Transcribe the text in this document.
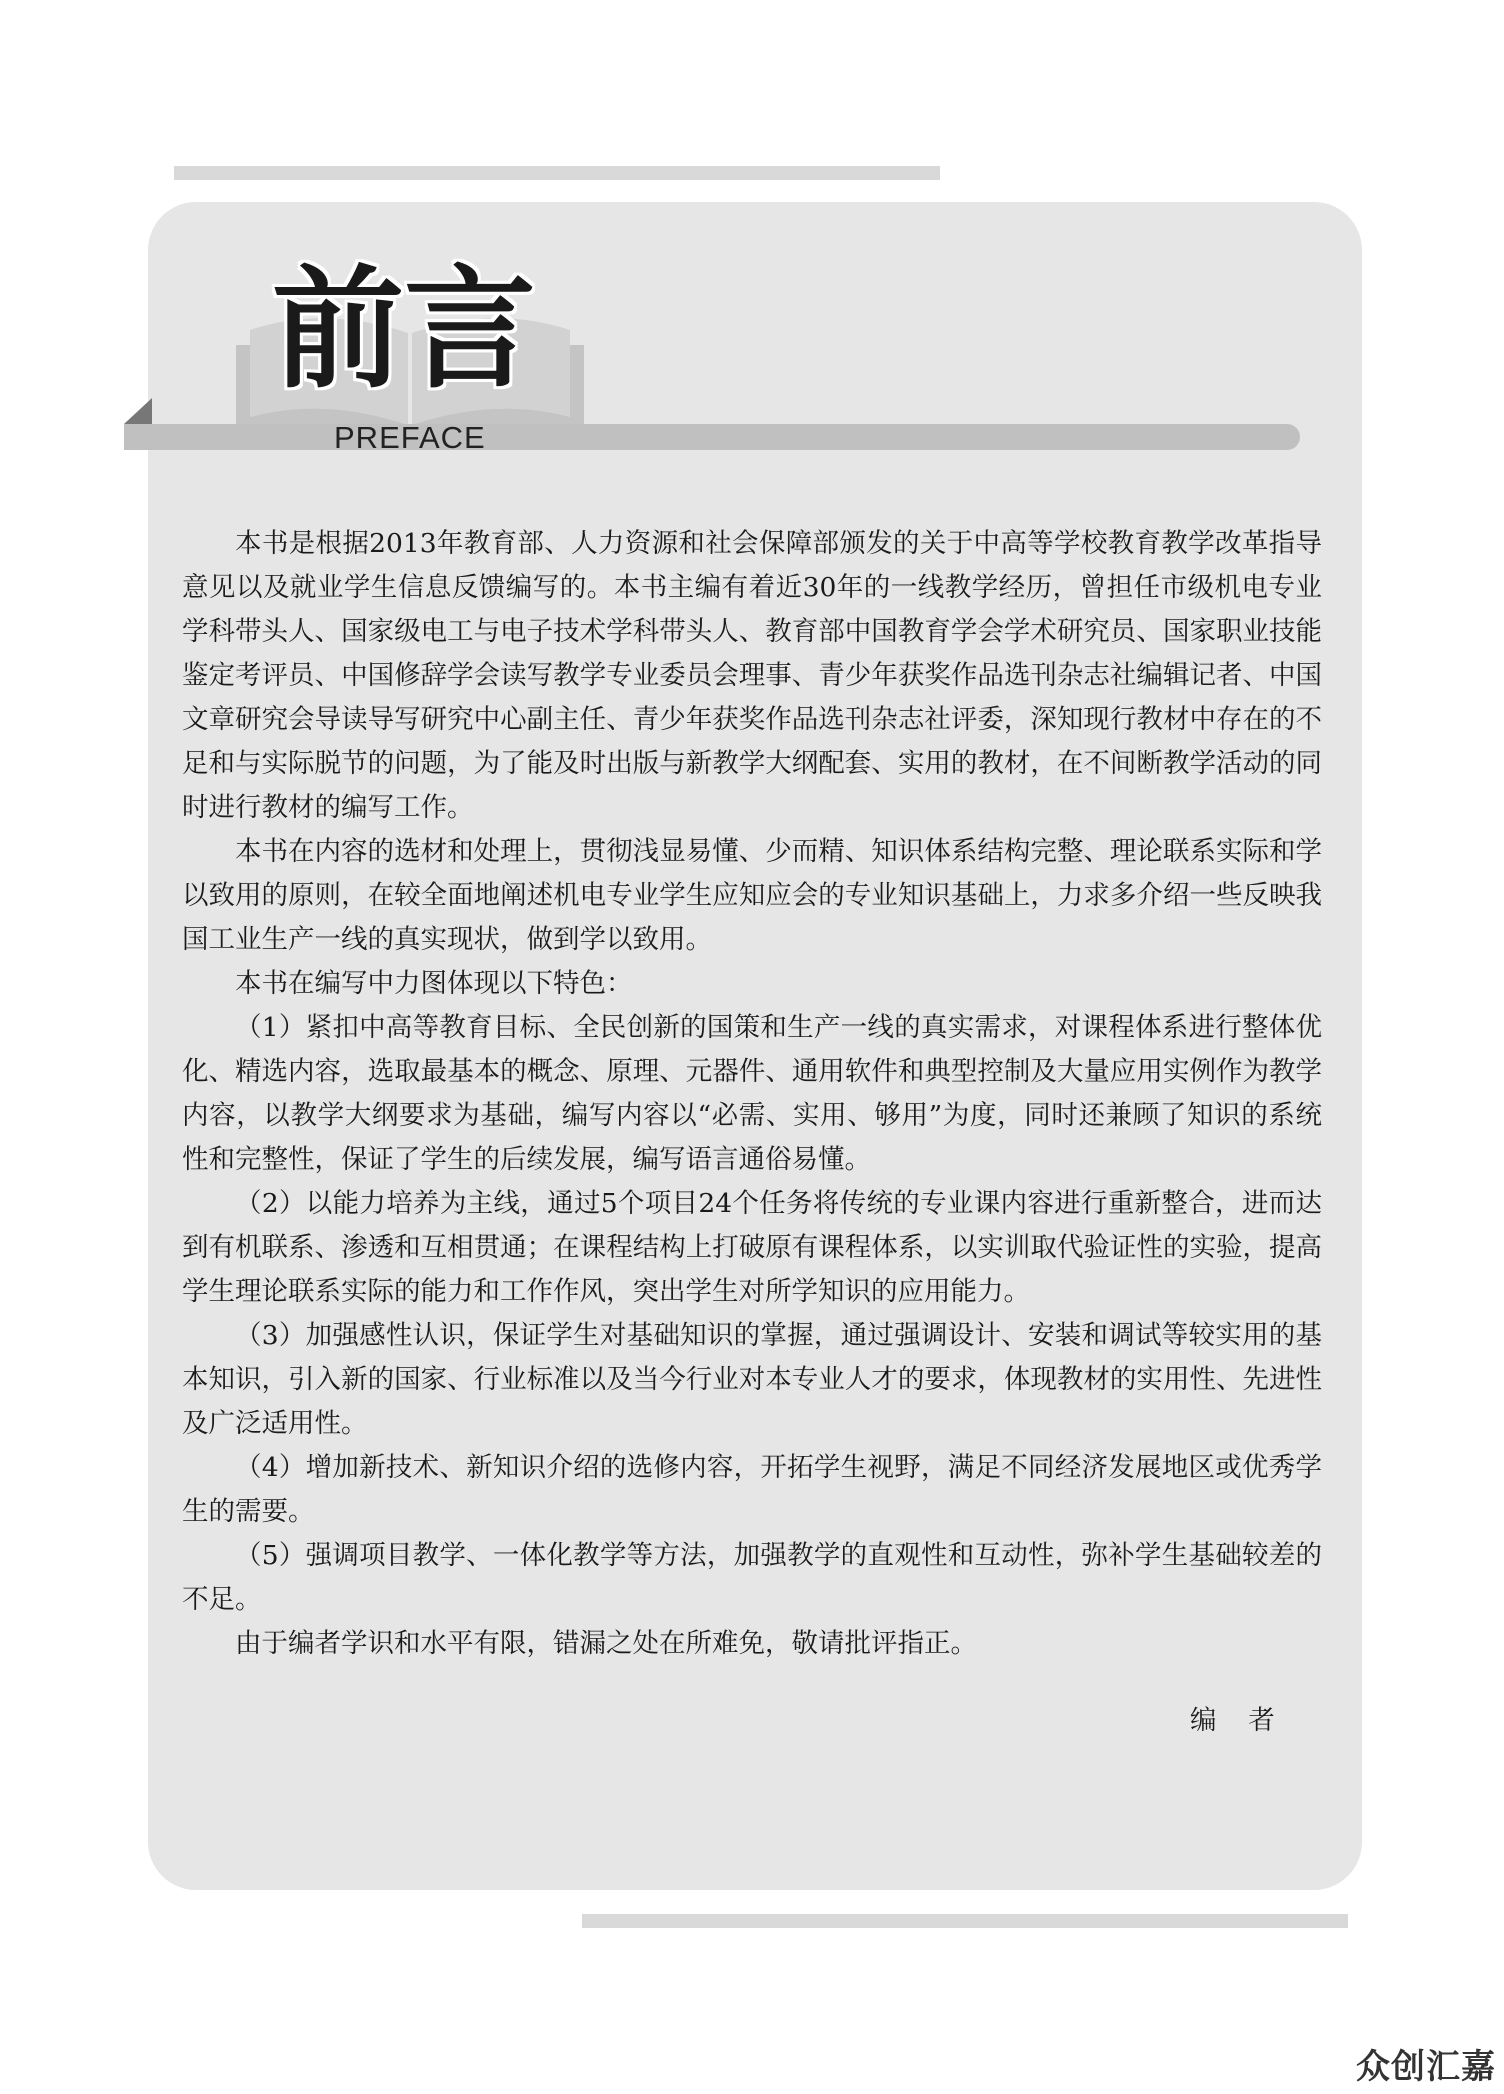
前 言
PREFACE

本书是根据2013年教育部、人力资源和社会保障部颁发的关于中高等学校教育教学改革指导意见以及就业学生信息反馈编写的。本书主编有着近30年的一线教学经历，曾担任市级机电专业学科带头人、国家级电工与电子技术学科带头人、教育部中国教育学会学术研究员、国家职业技能鉴定考评员、中国修辞学会读写教学专业委员会理事、青少年获奖作品选刊杂志社编辑记者、中国文章研究会导读导写研究中心副主任、青少年获奖作品选刊杂志社评委，深知现行教材中存在的不足和与实际脱节的问题，为了能及时出版与新教学大纲配套、实用的教材，在不间断教学活动的同时进行教材的编写工作。

本书在内容的选材和处理上，贯彻浅显易懂、少而精、知识体系结构完整、理论联系实际和学以致用的原则，在较全面地阐述机电专业学生应知应会的专业知识基础上，力求多介绍一些反映我国工业生产一线的真实现状，做到学以致用。

本书在编写中力图体现以下特色：

（1）紧扣中高等教育目标、全民创新的国策和生产一线的真实需求，对课程体系进行整体优化、精选内容，选取最基本的概念、原理、元器件、通用软件和典型控制及大量应用实例作为教学内容，以教学大纲要求为基础，编写内容以“必需、实用、够用”为度，同时还兼顾了知识的系统性和完整性，保证了学生的后续发展，编写语言通俗易懂。

（2）以能力培养为主线，通过5个项目24个任务将传统的专业课内容进行重新整合，进而达到有机联系、渗透和互相贯通；在课程结构上打破原有课程体系，以实训取代验证性的实验，提高学生理论联系实际的能力和工作作风，突出学生对所学知识的应用能力。

（3）加强感性认识，保证学生对基础知识的掌握，通过强调设计、安装和调试等较实用的基本知识，引入新的国家、行业标准以及当今行业对本专业人才的要求，体现教材的实用性、先进性及广泛适用性。

（4）增加新技术、新知识介绍的选修内容，开拓学生视野，满足不同经济发展地区或优秀学生的需要。

（5）强调项目教学、一体化教学等方法，加强教学的直观性和互动性，弥补学生基础较差的不足。

由于编者学识和水平有限，错漏之处在所难免，敬请批评指正。

编者
众创汇嘉
